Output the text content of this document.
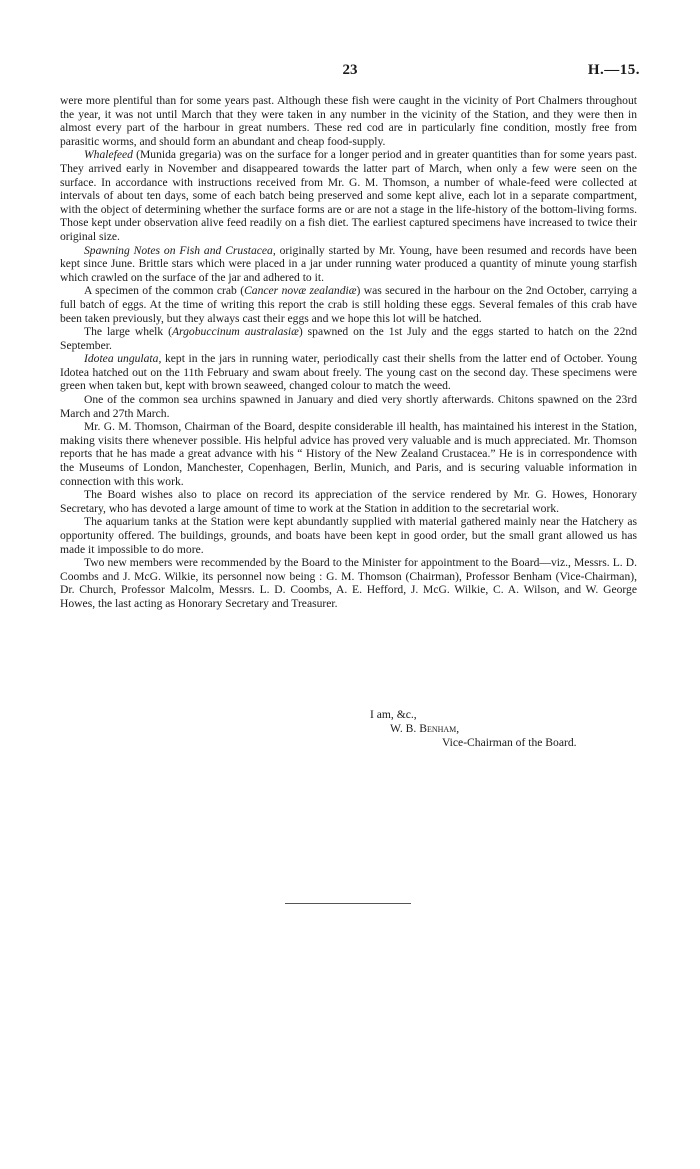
23	H.—15.

were more plentiful than for some years past. Although these fish were caught in the vicinity of Port Chalmers throughout the year, it was not until March that they were taken in any number in the vicinity of the Station, and they were then in almost every part of the harbour in great numbers. These red cod are in particularly fine condition, mostly free from parasitic worms, and should form an abundant and cheap food-supply.

Whalefeed (Munida gregaria) was on the surface for a longer period and in greater quantities than for some years past. They arrived early in November and disappeared towards the latter part of March, when only a few were seen on the surface. In accordance with instructions received from Mr. G. M. Thomson, a number of whale-feed were collected at intervals of about ten days, some of each batch being preserved and some kept alive, each lot in a separate compartment, with the object of determining whether the surface forms are or are not a stage in the life-history of the bottom-living forms. Those kept under observation alive feed readily on a fish diet. The earliest captured specimens have increased to twice their original size.

Spawning Notes on Fish and Crustacea, originally started by Mr. Young, have been resumed and records have been kept since June. Brittle stars which were placed in a jar under running water produced a quantity of minute young starfish which crawled on the surface of the jar and adhered to it.

A specimen of the common crab (Cancer novæ zealandiæ) was secured in the harbour on the 2nd October, carrying a full batch of eggs. At the time of writing this report the crab is still holding these eggs. Several females of this crab have been taken previously, but they always cast their eggs and we hope this lot will be hatched.

The large whelk (Argobuccinum australasiæ) spawned on the 1st July and the eggs started to hatch on the 22nd September.

Idotea ungulata, kept in the jars in running water, periodically cast their shells from the latter end of October. Young Idotea hatched out on the 11th February and swam about freely. The young cast on the second day. These specimens were green when taken but, kept with brown seaweed, changed colour to match the weed.

One of the common sea urchins spawned in January and died very shortly afterwards. Chitons spawned on the 23rd March and 27th March.

Mr. G. M. Thomson, Chairman of the Board, despite considerable ill health, has maintained his interest in the Station, making visits there whenever possible. His helpful advice has proved very valuable and is much appreciated. Mr. Thomson reports that he has made a great advance with his “ History of the New Zealand Crustacea.” He is in correspondence with the Museums of London, Manchester, Copenhagen, Berlin, Munich, and Paris, and is securing valuable information in connection with this work.

The Board wishes also to place on record its appreciation of the service rendered by Mr. G. Howes, Honorary Secretary, who has devoted a large amount of time to work at the Station in addition to the secretarial work.

The aquarium tanks at the Station were kept abundantly supplied with material gathered mainly near the Hatchery as opportunity offered. The buildings, grounds, and boats have been kept in good order, but the small grant allowed us has made it impossible to do more.

Two new members were recommended by the Board to the Minister for appointment to the Board—viz., Messrs. L. D. Coombs and J. McG. Wilkie, its personnel now being : G. M. Thomson (Chairman), Professor Benham (Vice-Chairman), Dr. Church, Professor Malcolm, Messrs. L. D. Coombs, A. E. Hefford, J. McG. Wilkie, C. A. Wilson, and W. George Howes, the last acting as Honorary Secretary and Treasurer.

I am, &c.,
W. B. Benham,
Vice-Chairman of the Board.
